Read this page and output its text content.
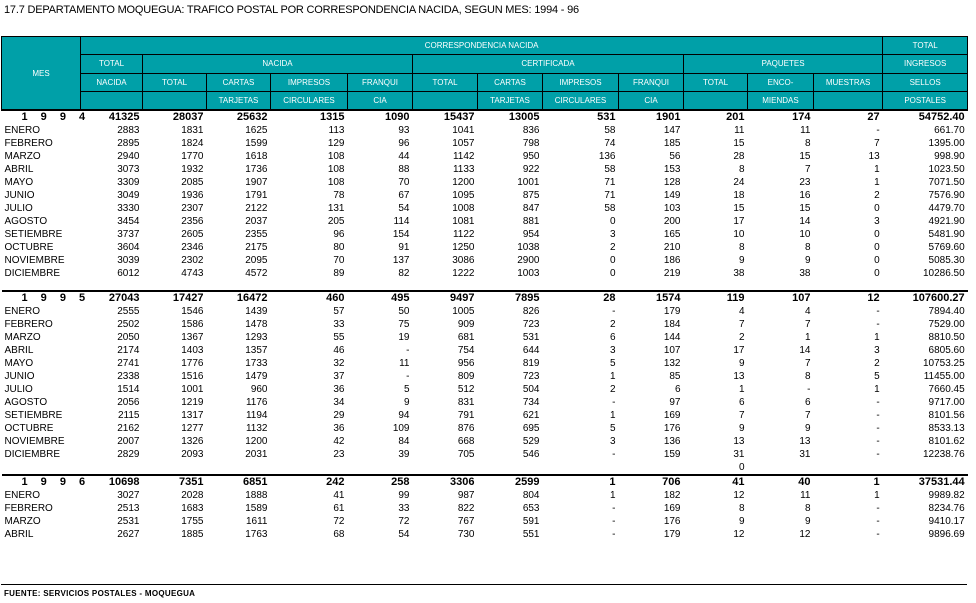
17.7 DEPARTAMENTO MOQUEGUA: TRAFICO POSTAL POR CORRESPONDENCIA NACIDA, SEGUN MES: 1994 - 96
MES	CORRESPONDENCIA NACIDA												TOTAL
	TOTAL	NACIDA				CERTIFICADA				PAQUETES			INGRESOS
	NACIDA	TOTAL	CARTAS	IMPRESOS	FRANQUI	TOTAL	CARTAS	IMPRESOS	FRANQUI	TOTAL	ENCO-	MUESTRAS	SELLOS
			TARJETAS	CIRCULARES	CIA		TARJETAS	CIRCULARES	CIA		MIENDAS		POSTALES
1 9 9 4	41325	28037	25632	1315	1090	15437	13005	531	1901	201	174	27	54752.40
ENERO	2883	1831	1625	113	93	1041	836	58	147	11	11	-	661.70
FEBRERO	2895	1824	1599	129	96	1057	798	74	185	15	8	7	1395.00
MARZO	2940	1770	1618	108	44	1142	950	136	56	28	15	13	998.90
ABRIL	3073	1932	1736	108	88	1133	922	58	153	8	7	1	1023.50
MAYO	3309	2085	1907	108	70	1200	1001	71	128	24	23	1	7071.50
JUNIO	3049	1936	1791	78	67	1095	875	71	149	18	16	2	7576.90
JULIO	3330	2307	2122	131	54	1008	847	58	103	15	15	0	4479.70
AGOSTO	3454	2356	2037	205	114	1081	881	0	200	17	14	3	4921.90
SETIEMBRE	3737	2605	2355	96	154	1122	954	3	165	10	10	0	5481.90
OCTUBRE	3604	2346	2175	80	91	1250	1038	2	210	8	8	0	5769.60
NOVIEMBRE	3039	2302	2095	70	137	3086	2900	0	186	9	9	0	5085.30
DICIEMBRE	6012	4743	4572	89	82	1222	1003	0	219	38	38	0	10286.50

1 9 9 5	27043	17427	16472	460	495	9497	7895	28	1574	119	107	12	107600.27
ENERO	2555	1546	1439	57	50	1005	826	-	179	4	4	-	7894.40
FEBRERO	2502	1586	1478	33	75	909	723	2	184	7	7	-	7529.00
MARZO	2050	1367	1293	55	19	681	531	6	144	2	1	1	8810.50
ABRIL	2174	1403	1357	46	-	754	644	3	107	17	14	3	6805.60
MAYO	2741	1776	1733	32	11	956	819	5	132	9	7	2	10753.25
JUNIO	2338	1516	1479	37	-	809	723	1	85	13	8	5	11455.00
JULIO	1514	1001	960	36	5	512	504	2	6	1	-	1	7660.45
AGOSTO	2056	1219	1176	34	9	831	734	-	97	6	6	-	9717.00
SETIEMBRE	2115	1317	1194	29	94	791	621	1	169	7	7	-	8101.56
OCTUBRE	2162	1277	1132	36	109	876	695	5	176	9	9	-	8533.13
NOVIEMBRE	2007	1326	1200	42	84	668	529	3	136	13	13	-	8101.62
DICIEMBRE	2829	2093	2031	23	39	705	546	-	159	31	31	-	12238.76
										0			
1 9 9 6	10698	7351	6851	242	258	3306	2599	1	706	41	40	1	37531.44
ENERO	3027	2028	1888	41	99	987	804	1	182	12	11	1	9989.82
FEBRERO	2513	1683	1589	61	33	822	653	-	169	8	8	-	8234.76
MARZO	2531	1755	1611	72	72	767	591	-	176	9	9	-	9410.17
ABRIL	2627	1885	1763	68	54	730	551	-	179	12	12	-	9896.69
FUENTE: SERVICIOS POSTALES - MOQUEGUA
